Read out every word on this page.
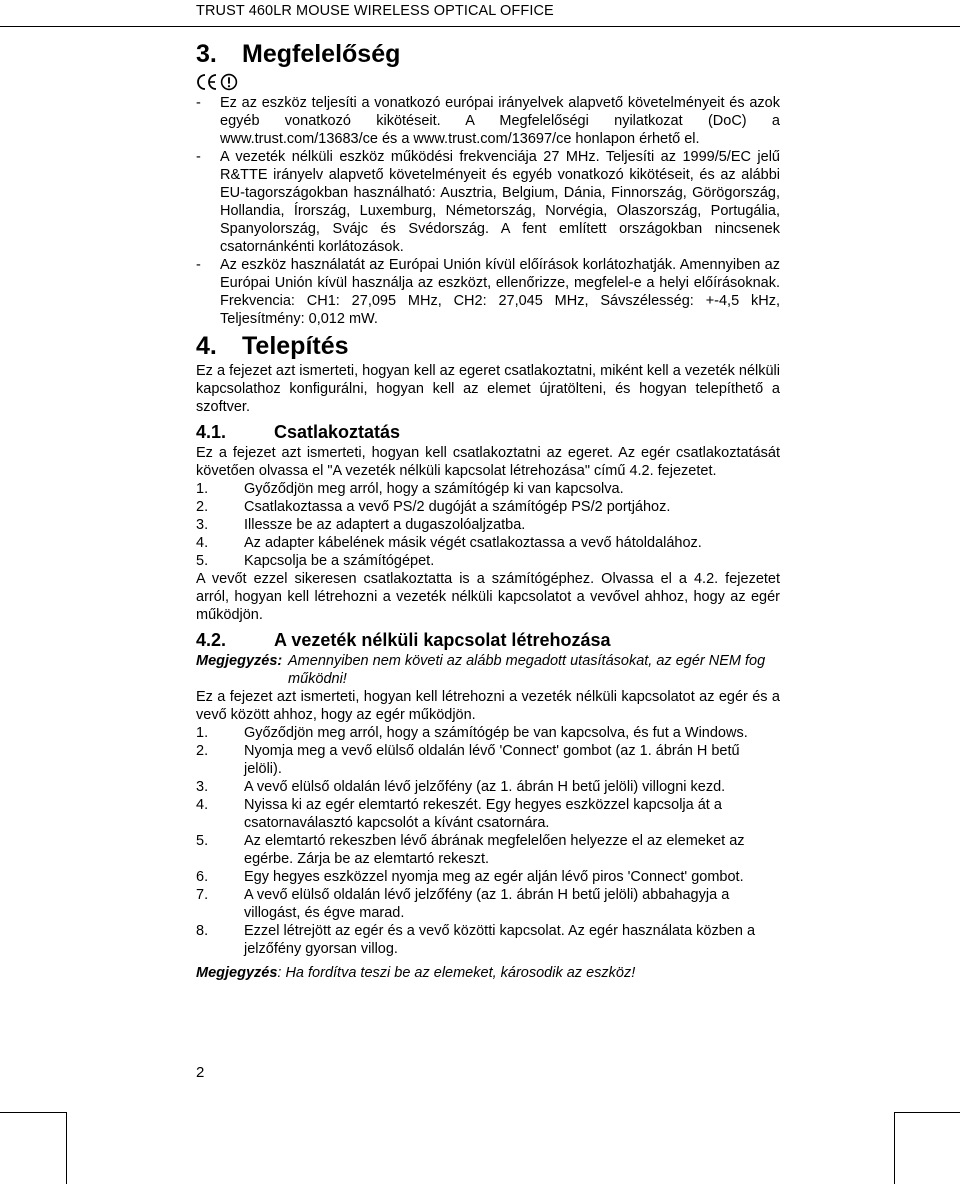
TRUST 460LR MOUSE WIRELESS OPTICAL OFFICE
3. Megfelelőség
-	Ez az eszköz teljesíti a vonatkozó európai irányelvek alapvető követelményeit és azok egyéb vonatkozó kikötéseit. A Megfelelőségi nyilatkozat (DoC) a www.trust.com/13683/ce és a www.trust.com/13697/ce honlapon érhető el.
-	A vezeték nélküli eszköz működési frekvenciája 27 MHz. Teljesíti az 1999/5/EC jelű R&TTE irányelv alapvető követelményeit és egyéb vonatkozó kikötéseit, és az alábbi EU-tagországokban használható: Ausztria, Belgium, Dánia, Finnország, Görögország, Hollandia, Írország, Luxemburg, Németország, Norvégia, Olaszország, Portugália, Spanyolország, Svájc és Svédország. A fent említett országokban nincsenek csatornánkénti korlátozások.
-	Az eszköz használatát az Európai Unión kívül előírások korlátozhatják. Amennyiben az Európai Unión kívül használja az eszközt, ellenőrizze, megfelel-e a helyi előírásoknak. Frekvencia: CH1: 27,095 MHz, CH2: 27,045 MHz, Sávszélesség: +-4,5 kHz, Teljesítmény: 0,012 mW.
4. Telepítés

Ez a fejezet azt ismerteti, hogyan kell az egeret csatlakoztatni, miként kell a vezeték nélküli kapcsolathoz konfigurálni, hogyan kell az elemet újratölteni, és hogyan telepíthető a szoftver.

4.1.	Csatlakoztatás

Ez a fejezet azt ismerteti, hogyan kell csatlakoztatni az egeret. Az egér csatlakoztatását követően olvassa el "A vezeték nélküli kapcsolat létrehozása" című 4.2. fejezetet.

1.	Győződjön meg arról, hogy a számítógép ki van kapcsolva.
2.	Csatlakoztassa a vevő PS/2 dugóját a számítógép PS/2 portjához.
3.	Illessze be az adaptert a dugaszolóaljzatba.
4.	Az adapter kábelének másik végét csatlakoztassa a vevő hátoldalához.
5.	Kapcsolja be a számítógépet.

A vevőt ezzel sikeresen csatlakoztatta is a számítógéphez. Olvassa el a 4.2. fejezetet arról, hogyan kell létrehozni a vezeték nélküli kapcsolatot a vevővel ahhoz, hogy az egér működjön.

4.2.	A vezeték nélküli kapcsolat létrehozása
Megjegyzés: Amennyiben nem követi az alább megadott utasításokat, az egér NEM fog működni!

Ez a fejezet azt ismerteti, hogyan kell létrehozni a vezeték nélküli kapcsolatot az egér és a vevő között ahhoz, hogy az egér működjön.

1.	Győződjön meg arról, hogy a számítógép be van kapcsolva, és fut a Windows.
2.	Nyomja meg a vevő elülső oldalán lévő 'Connect' gombot (az 1. ábrán H betű jelöli).
3.	A vevő elülső oldalán lévő jelzőfény (az 1. ábrán H betű jelöli) villogni kezd.
4.	Nyissa ki az egér elemtartó rekeszét. Egy hegyes eszközzel kapcsolja át a csatornaválasztó kapcsolót a kívánt csatornára.
5.	Az elemtartó rekeszben lévő ábrának megfelelően helyezze el az elemeket az egérbe. Zárja be az elemtartó rekeszt.
6.	Egy hegyes eszközzel nyomja meg az egér alján lévő piros 'Connect' gombot.
7.	A vevő elülső oldalán lévő jelzőfény (az 1. ábrán H betű jelöli) abbahagyja a villogást, és égve marad.
8.	Ezzel létrejött az egér és a vevő közötti kapcsolat. Az egér használata közben a jelzőfény gyorsan villog.
Megjegyzés: Ha fordítva teszi be az elemeket, károsodik az eszköz!
2
